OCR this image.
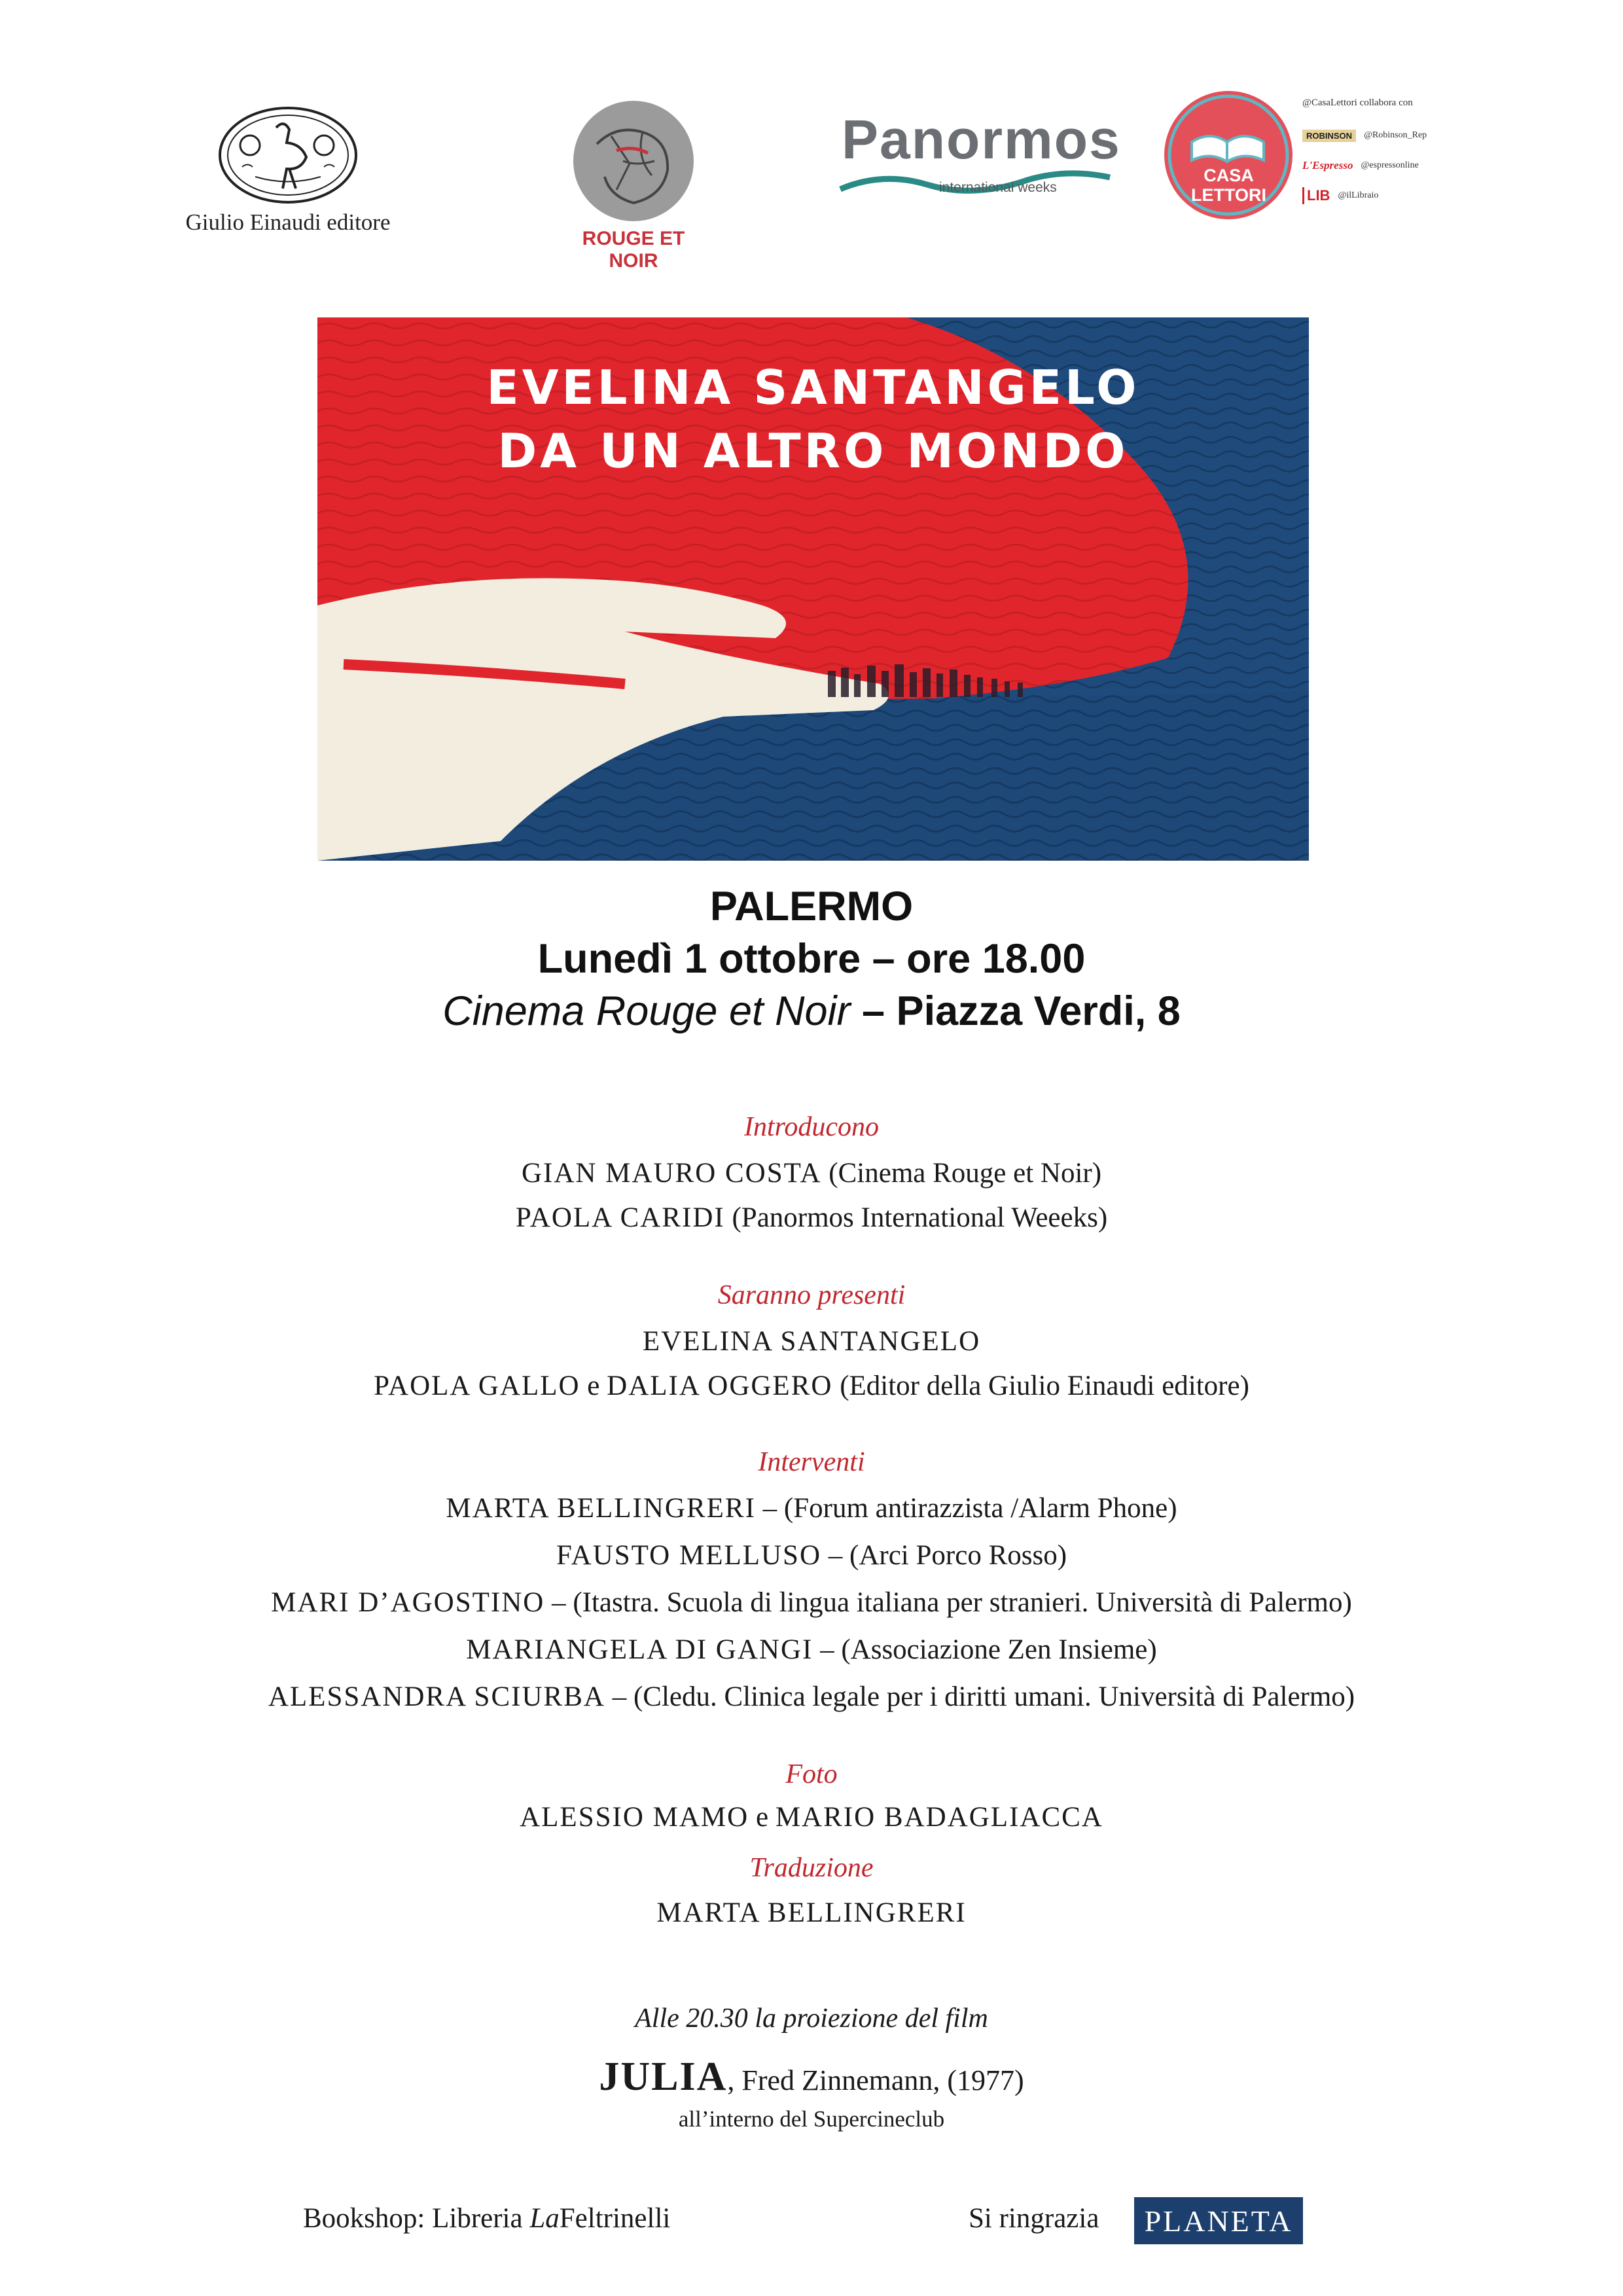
Giulio Einaudi editore
ROUGE ET NOIR
Panormos
international weeks
CASA
LETTORI
@CasaLettori collabora con
ROBINSON	@Robinson_Rep
L'Espresso @espressonline
LIB @ilLibraio
EVELINA SANTANGELO
DA UN ALTRO MONDO
PALERMO
Lunedì 1 ottobre – ore 18.00
Cinema Rouge et Noir – Piazza Verdi, 8
Introducono
GIAN MAURO COSTA (Cinema Rouge et Noir)
PAOLA CARIDI (Panormos International Weeeks)
Saranno presenti
EVELINA SANTANGELO
PAOLA GALLO e DALIA OGGERO (Editor della Giulio Einaudi editore)
Interventi
MARTA BELLINGRERI – (Forum antirazzista /Alarm Phone)
FAUSTO MELLUSO – (Arci Porco Rosso)
MARI D’AGOSTINO – (Itastra. Scuola di lingua italiana per stranieri. Università di Palermo)
MARIANGELA DI GANGI – (Associazione Zen Insieme)
ALESSANDRA SCIURBA – (Cledu. Clinica legale per i diritti umani. Università di Palermo)
Foto
ALESSIO MAMO e MARIO BADAGLIACCA
Traduzione
MARTA BELLINGRERI
Alle 20.30 la proiezione del film
JULIA, Fred Zinnemann, (1977)
all’interno del Supercineclub
Bookshop: Libreria LaFeltrinelli	Si ringrazia	PLANETA
